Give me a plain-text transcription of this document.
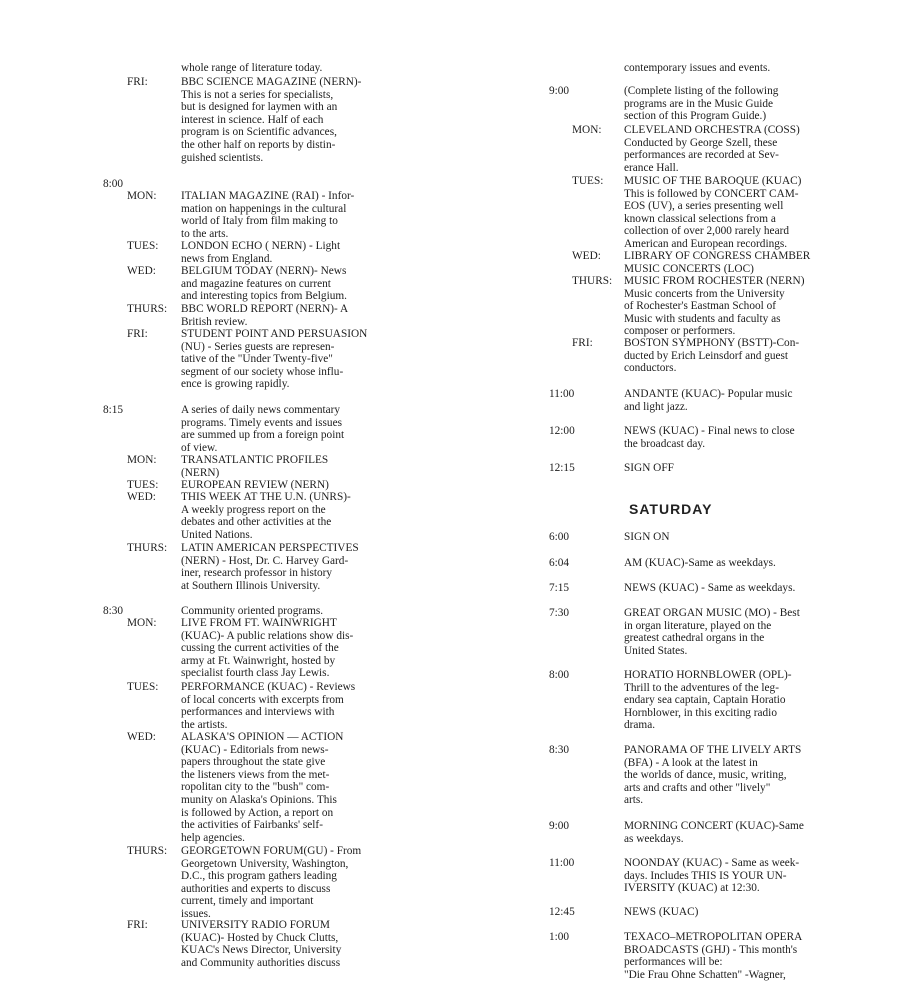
whole range of literature today.
FRI:	BBC SCIENCE MAGAZINE (NERN)-
This is not a series for specialists,
but is designed for laymen with an
interest in science. Half of each
program is on Scientific advances,
the other half on reports by distin-
guished scientists.
8:00
MON: ITALIAN MAGAZINE (RAI) - Infor-
mation on happenings in the cultural
world of Italy from film making to
to the arts.
TUES: LONDON ECHO ( NERN) - Light
news from England.
WED: BELGIUM TODAY (NERN)- News
and magazine features on current
and interesting topics from Belgium.
THURS: BBC WORLD REPORT (NERN)- A
British review.
FRI:	STUDENT POINT AND PERSUASION
(NU) - Series guests are represen-
tative of the "Under Twenty-five"
segment of our society whose influ-
ence is growing rapidly.
8:15	A series of daily news commentary
programs. Timely events and issues
are summed up from a foreign point
of view.
MON: TRANSATLANTIC PROFILES
(NERN)
TUES: EUROPEAN REVIEW (NERN)
WED: THIS WEEK AT THE U.N. (UNRS)-
A weekly progress report on the
debates and other activities at the
United Nations.
THURS: LATIN AMERICAN PERSPECTIVES
(NERN) - Host, Dr. C. Harvey Gard-
iner, research professor in history
at Southern Illinois University.
8:30	Community oriented programs.
MON: LIVE FROM FT. WAINWRIGHT
(KUAC)- A public relations show dis-
cussing the current activities of the
army at Ft. Wainwright, hosted by
specialist fourth class Jay Lewis.
TUES: PERFORMANCE (KUAC) - Reviews
of local concerts with excerpts from
performances and interviews with
the artists.
WED: ALASKA'S OPINION — ACTION
(KUAC) - Editorials from news-
papers throughout the state give
the listeners views from the met-
ropolitan city to the "bush" com-
munity on Alaska's Opinions. This
is followed by Action, a report on
the activities of Fairbanks' self-
help agencies.
THURS: GEORGETOWN FORUM(GU) - From
Georgetown University, Washington,
D.C., this program gathers leading
authorities and experts to discuss
current, timely and important
issues.
FRI:	UNIVERSITY RADIO FORUM
(KUAC)- Hosted by Chuck Clutts,
KUAC's News Director, University
and Community authorities discuss
contemporary issues and events.
9:00	(Complete listing of the following
programs are in the Music Guide
section of this Program Guide.)
MON: CLEVELAND ORCHESTRA (COSS)
Conducted by George Szell, these
performances are recorded at Sev-
erance Hall.
TUES: MUSIC OF THE BAROQUE (KUAC)
This is followed by CONCERT CAM-
EOS (UV), a series presenting well
known classical selections from a
collection of over 2,000 rarely heard
American and European recordings.
WED: LIBRARY OF CONGRESS CHAMBER
MUSIC CONCERTS (LOC)
THURS: MUSIC FROM ROCHESTER (NERN)
Music concerts from the University
of Rochester's Eastman School of
Music with students and faculty as
composer or performers.
FRI:	BOSTON SYMPHONY (BSTT)-Con-
ducted by Erich Leinsdorf and guest
conductors.
11:00	ANDANTE (KUAC)- Popular music
and light jazz.
12:00	NEWS (KUAC) - Final news to close
the broadcast day.
12:15	SIGN OFF
SATURDAY
6:00	SIGN ON
6:04	AM (KUAC)-Same as weekdays.
7:15	NEWS (KUAC) - Same as weekdays.
7:30	GREAT ORGAN MUSIC (MO) - Best
in organ literature, played on the
greatest cathedral organs in the
United States.
8:00	HORATIO HORNBLOWER (OPL)-
Thrill to the adventures of the leg-
endary sea captain, Captain Horatio
Hornblower, in this exciting radio
drama.
8:30	PANORAMA OF THE LIVELY ARTS
(BFA) - A look at the latest in
the worlds of dance, music, writing,
arts and crafts and other "lively"
arts.
9:00	MORNING CONCERT (KUAC)-Same
as weekdays.
11:00	NOONDAY (KUAC) - Same as week-
days. Includes THIS IS YOUR UN-
IVERSITY (KUAC) at 12:30.
12:45	NEWS (KUAC)
1:00	TEXACO–METROPOLITAN OPERA
BROADCASTS (GHJ) - This month's
performances will be:
"Die Frau Ohne Schatten" -Wagner,
